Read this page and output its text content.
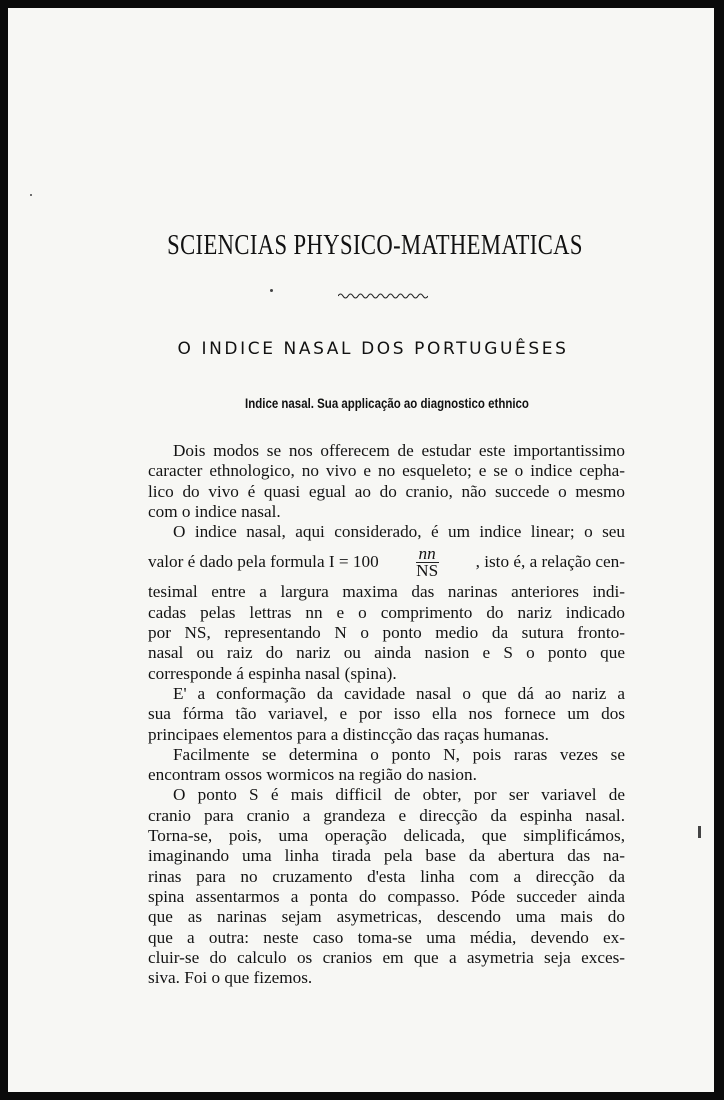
SCIENCIAS PHYSICO-MATHEMATICAS
O INDICE NASAL DOS PORTUGUÊSES
Indice nasal. Sua applicação ao diagnostico ethnico
Dois modos se nos offerecem de estudar este importantissimo
caracter ethnologico, no vivo e no esqueleto; e se o indice cepha-
lico do vivo é quasi egual ao do cranio, não succede o mesmo
com o indice nasal.
O indice nasal, aqui considerado, é um indice linear; o seu
valor é dado pela formula $I = 100 \frac{nn}{NS}$ , isto é, a relação cen-
tesimal entre a largura maxima das narinas anteriores indi-
cadas pelas lettras nn e o comprimento do nariz indicado
por NS, representando N o ponto medio da sutura fronto-
nasal ou raiz do nariz ou ainda nasion e S o ponto que
corresponde á espinha nasal (spina).
E' a conformação da cavidade nasal o que dá ao nariz a
sua fórma tão variavel, e por isso ella nos fornece um dos
principaes elementos para a distincção das raças humanas.
Facilmente se determina o ponto N, pois raras vezes se
encontram ossos wormicos na região do nasion.
O ponto S é mais difficil de obter, por ser variavel de
cranio para cranio a grandeza e direcção da espinha nasal.
Torna-se, pois, uma operação delicada, que simplificámos,
imaginando uma linha tirada pela base da abertura das na-
rinas para no cruzamento d'esta linha com a direcção da
spina assentarmos a ponta do compasso. Póde succeder ainda
que as narinas sejam asymetricas, descendo uma mais do
que a outra: neste caso toma-se uma média, devendo ex-
cluir-se do calculo os cranios em que a asymetria seja exces-
siva. Foi o que fizemos.
